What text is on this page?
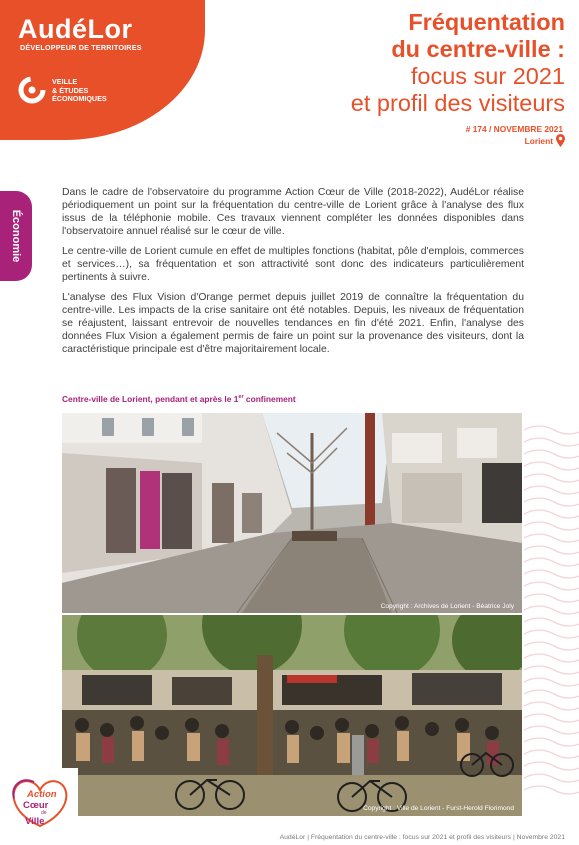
AudéLor
DÉVELOPPEUR DE TERRITOIRES
VEILLE
& ÉTUDES
ÉCONOMIQUES
Fréquentation
du centre-ville :
focus sur 2021
et profil des visiteurs
# 174 / NOVEMBRE 2021
Lorient
Économie

Dans le cadre de l'observatoire du programme Action Cœur de Ville (2018-2022), AudéLor réalise périodiquement un point sur la fréquentation du centre-ville de Lorient grâce à l'analyse des flux issus de la téléphonie mobile. Ces travaux viennent compléter les données disponibles dans l'observatoire annuel réalisé sur le cœur de ville.

Le centre-ville de Lorient cumule en effet de multiples fonctions (habitat, pôle d'emplois, commerces et services…), sa fréquentation et son attractivité sont donc des indicateurs particulièrement pertinents à suivre.

L'analyse des Flux Vision d'Orange permet depuis juillet 2019 de connaître la fréquentation du centre-ville. Les impacts de la crise sanitaire ont été notables. Depuis, les niveaux de fréquentation se réajustent, laissant entrevoir de nouvelles tendances en fin d'été 2021. Enfin, l'analyse des données Flux Vision a également permis de faire un point sur la provenance des visiteurs, dont la caractéristique principale est d'être majoritairement locale.

Centre-ville de Lorient, pendant et après le 1er confinement
Copyright : Archives de Lorient - Béatrice Joly
Copyright : Ville de Lorient - Furst-Herold Florimond
Action
Cœur
de
Ville
AudéLor | Fréquentation du centre-ville : focus sur 2021 et profil des visiteurs | Novembre 2021
